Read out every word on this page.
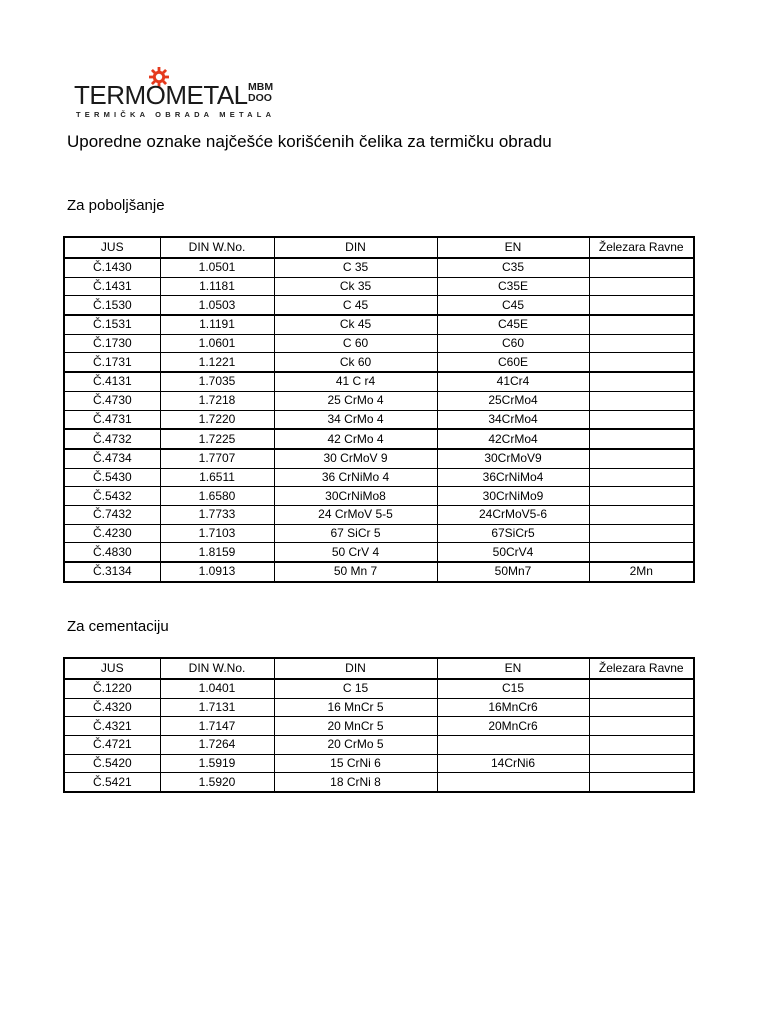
TERMOMETAL MBM
DOO
TERMIČKA OBRADA METALA
Uporedne oznake najčešće korišćenih čelika za termičku obradu
Za poboljšanje
JUS	DIN W.No.	DIN	EN	Železara Ravne
Č.1430	1.0501	C 35	C35	
Č.1431	1.1181	Ck 35	C35E	
Č.1530	1.0503	C 45	C45	
Č.1531	1.1191	Ck 45	C45E	
Č.1730	1.0601	C 60	C60	
Č.1731	1.1221	Ck 60	C60E	
Č.4131	1.7035	41 C r4	41Cr4	
Č.4730	1.7218	25 CrMo 4	25CrMo4	
Č.4731	1.7220	34 CrMo 4	34CrMo4	
Č.4732	1.7225	42 CrMo 4	42CrMo4	
Č.4734	1.7707	30 CrMoV 9	30CrMoV9	
Č.5430	1.6511	36 CrNiMo 4	36CrNiMo4	
Č.5432	1.6580	30CrNiMo8	30CrNiMo9	
Č.7432	1.7733	24 CrMoV 5-5	24CrMoV5-6	
Č.4230	1.7103	67 SiCr 5	67SiCr5	
Č.4830	1.8159	50 CrV 4	50CrV4	
Č.3134	1.0913	50 Mn 7	50Mn7	2Mn
Za cementaciju
JUS	DIN W.No.	DIN	EN	Železara Ravne
Č.1220	1.0401	C 15	C15	
Č.4320	1.7131	16 MnCr 5	16MnCr6	
Č.4321	1.7147	20 MnCr 5	20MnCr6	
Č.4721	1.7264	20 CrMo 5		
Č.5420	1.5919	15 CrNi 6	14CrNi6	
Č.5421	1.5920	18 CrNi 8		
